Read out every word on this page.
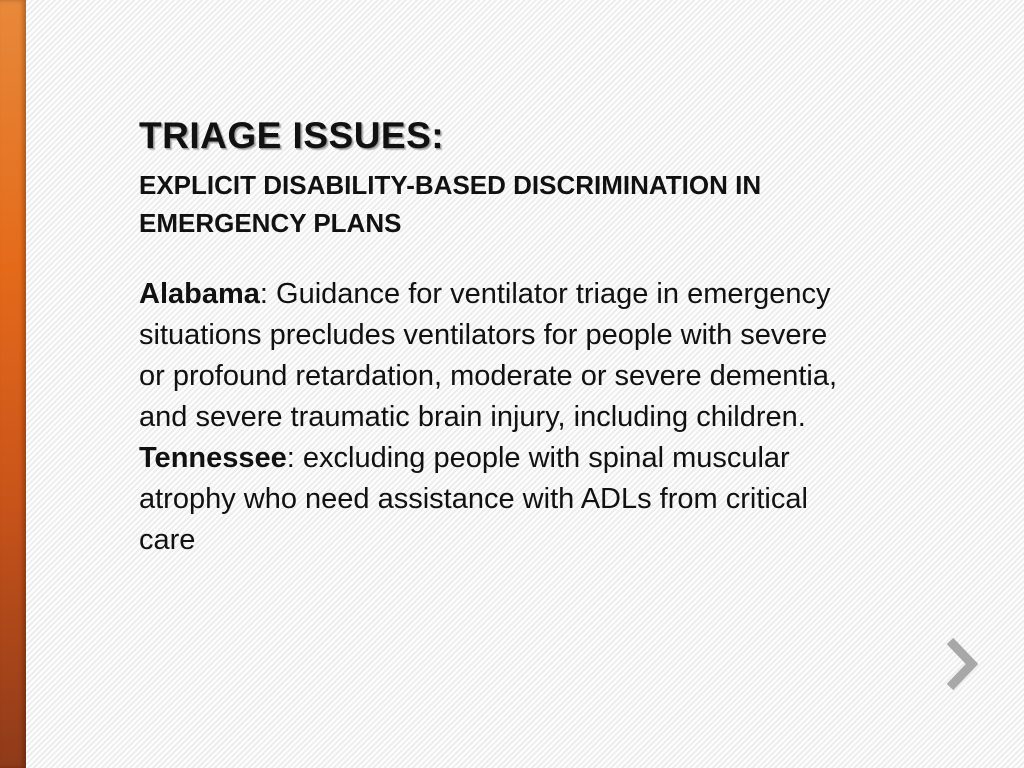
TRIAGE ISSUES:
EXPLICIT DISABILITY-BASED DISCRIMINATION IN EMERGENCY PLANS

Alabama: Guidance for ventilator triage in emergency situations precludes ventilators for people with severe or profound retardation, moderate or severe dementia, and severe traumatic brain injury, including children.

Tennessee: excluding people with spinal muscular atrophy who need assistance with ADLs from critical care
